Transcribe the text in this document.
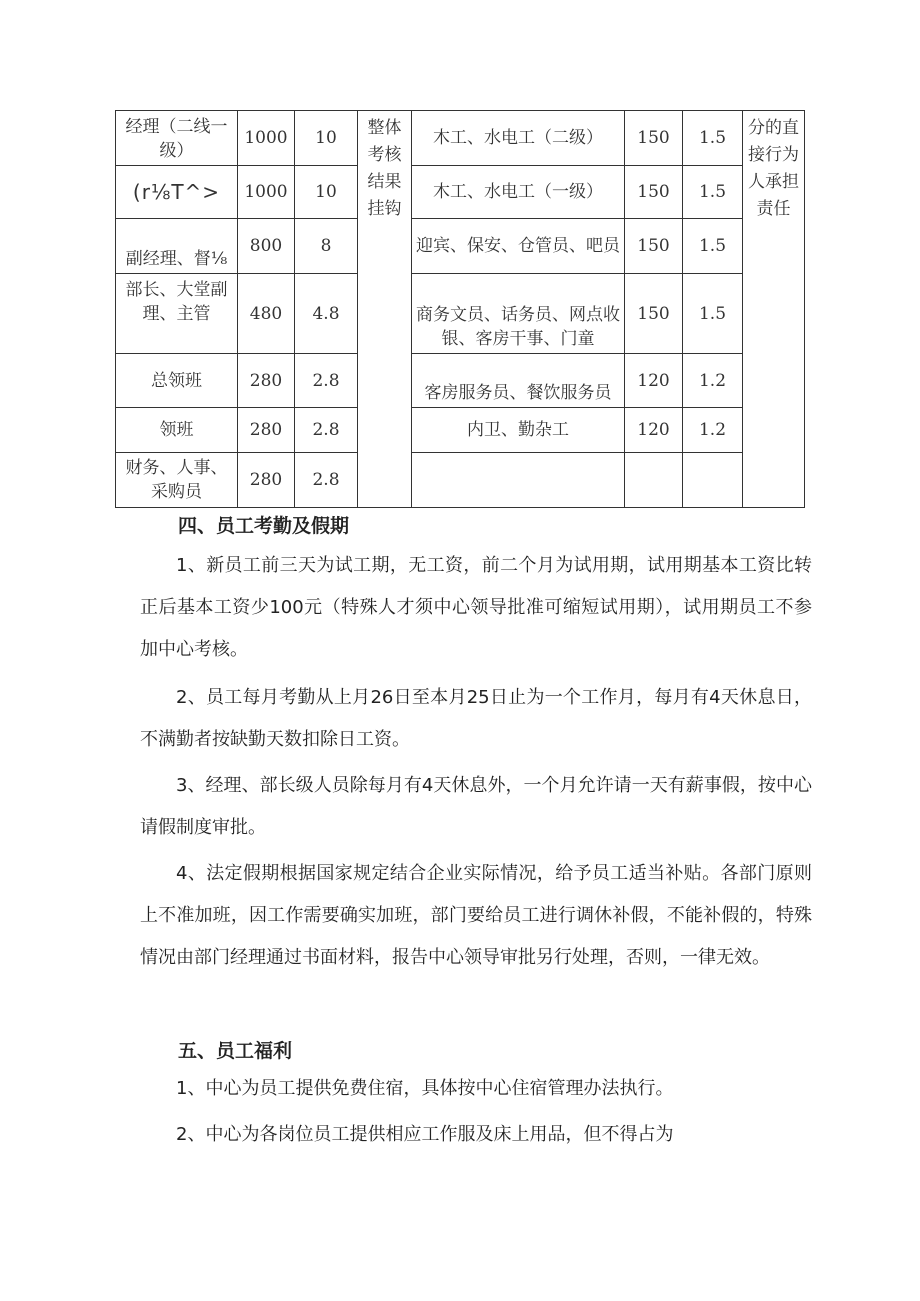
经理（二线一级）	1000	10	整体考核结果挂钩	木工、水电工（二级）	150	1.5	分的直接行为人承担责任
(r⅛T^>	1000	10		木工、水电工（一级）	150	1.5	
副经理、督⅛	800	8		迎宾、保安、仓管员、吧员	150	1.5	
部长、大堂副理、主管	480	4.8		商务文员、话务员、网点收银、客房干事、门童	150	1.5	
总领班	280	2.8		客房服务员、餐饮服务员	120	1.2	
领班	280	2.8		内卫、勤杂工	120	1.2	
财务、人事、采购员	280	2.8					
四、员工考勤及假期

1、新员工前三天为试工期，无工资，前二个月为试用期，试用期基本工资比转正后基本工资少100元（特殊人才须中心领导批准可缩短试用期），试用期员工不参加中心考核。

2、员工每月考勤从上月26日至本月25日止为一个工作月，每月有4天休息日，不满勤者按缺勤天数扣除日工资。

3、经理、部长级人员除每月有4天休息外，一个月允许请一天有薪事假，按中心请假制度审批。

4、法定假期根据国家规定结合企业实际情况，给予员工适当补贴。各部门原则上不准加班，因工作需要确实加班，部门要给员工进行调休补假，不能补假的，特殊情况由部门经理通过书面材料，报告中心领导审批另行处理，否则，一律无效。

五、员工福利

1、中心为员工提供免费住宿，具体按中心住宿管理办法执行。

2、中心为各岗位员工提供相应工作服及床上用品，但不得占为
